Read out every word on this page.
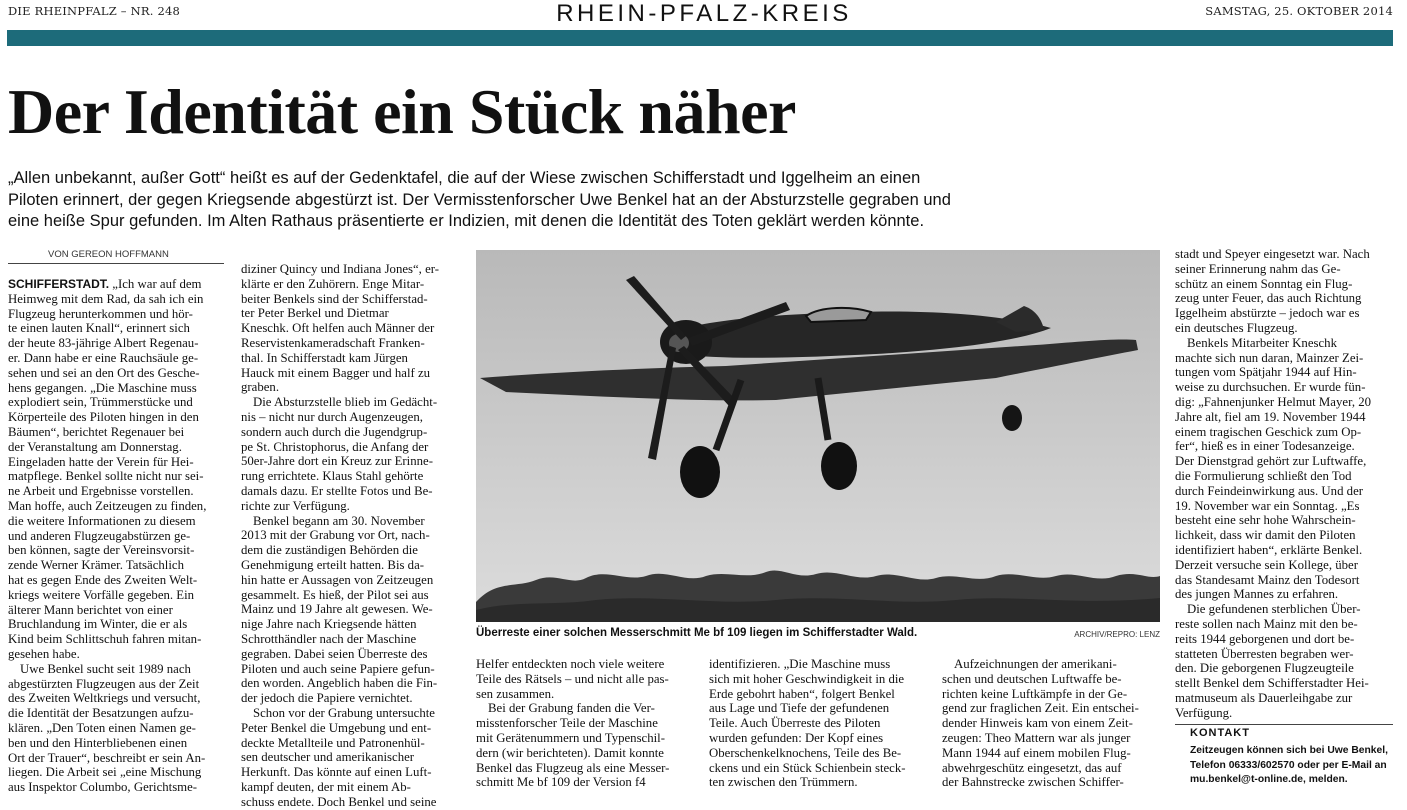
DIE RHEINPFALZ – NR. 248	RHEIN-PFALZ-KREIS	SAMSTAG, 25. OKTOBER 2014
Der Identität ein Stück näher
„Allen unbekannt, außer Gott“ heißt es auf der Gedenktafel, die auf der Wiese zwischen Schifferstadt und Iggelheim an einen
Piloten erinnert, der gegen Kriegsende abgestürzt ist. Der Vermisstenforscher Uwe Benkel hat an der Absturzstelle gegraben und
eine heiße Spur gefunden. Im Alten Rathaus präsentierte er Indizien, mit denen die Identität des Toten geklärt werden könnte.
VON GEREON HOFFMANN
SCHIFFERSTADT. „Ich war auf dem
Heimweg mit dem Rad, da sah ich ein
Flugzeug herunterkommen und hör-
te einen lauten Knall“, erinnert sich
der heute 83-jährige Albert Regenau-
er. Dann habe er eine Rauchsäule ge-
sehen und sei an den Ort des Gesche-
hens gegangen. „Die Maschine muss
explodiert sein, Trümmerstücke und
Körperteile des Piloten hingen in den
Bäumen“, berichtet Regenauer bei
der Veranstaltung am Donnerstag.
Eingeladen hatte der Verein für Hei-
matpflege. Benkel sollte nicht nur sei-
ne Arbeit und Ergebnisse vorstellen.
Man hoffe, auch Zeitzeugen zu finden,
die weitere Informationen zu diesem
und anderen Flugzeugabstürzen ge-
ben können, sagte der Vereinsvorsit-
zende Werner Krämer. Tatsächlich
hat es gegen Ende des Zweiten Welt-
kriegs weitere Vorfälle gegeben. Ein
älterer Mann berichtet von einer
Bruchlandung im Winter, die er als
Kind beim Schlittschuh fahren mitan-
gesehen habe.
Uwe Benkel sucht seit 1989 nach
abgestürzten Flugzeugen aus der Zeit
des Zweiten Weltkriegs und versucht,
die Identität der Besatzungen aufzu-
klären. „Den Toten einen Namen ge-
ben und den Hinterbliebenen einen
Ort der Trauer“, beschreibt er sein An-
liegen. Die Arbeit sei „eine Mischung
aus Inspektor Columbo, Gerichtsme-
diziner Quincy und Indiana Jones“, er-
klärte er den Zuhörern. Enge Mitar-
beiter Benkels sind der Schifferstad-
ter Peter Berkel und Dietmar
Kneschk. Oft helfen auch Männer der
Reservistenkameradschaft Franken-
thal. In Schifferstadt kam Jürgen
Hauck mit einem Bagger und half zu
graben.
Die Absturzstelle blieb im Gedächt-
nis – nicht nur durch Augenzeugen,
sondern auch durch die Jugendgrup-
pe St. Christophorus, die Anfang der
50er-Jahre dort ein Kreuz zur Erinne-
rung errichtete. Klaus Stahl gehörte
damals dazu. Er stellte Fotos und Be-
richte zur Verfügung.
Benkel begann am 30. November
2013 mit der Grabung vor Ort, nach-
dem die zuständigen Behörden die
Genehmigung erteilt hatten. Bis da-
hin hatte er Aussagen von Zeitzeugen
gesammelt. Es hieß, der Pilot sei aus
Mainz und 19 Jahre alt gewesen. We-
nige Jahre nach Kriegsende hätten
Schrotthändler nach der Maschine
gegraben. Dabei seien Überreste des
Piloten und auch seine Papiere gefun-
den worden. Angeblich haben die Fin-
der jedoch die Papiere vernichtet.
Schon vor der Grabung untersuchte
Peter Benkel die Umgebung und ent-
deckte Metallteile und Patronenhül-
sen deutscher und amerikanischer
Herkunft. Das könnte auf einen Luft-
kampf deuten, der mit einem Ab-
schuss endete. Doch Benkel und seine
Helfer entdeckten noch viele weitere
Teile des Rätsels – und nicht alle pas-
sen zusammen.
Bei der Grabung fanden die Ver-
misstenforscher Teile der Maschine
mit Gerätenummern und Typenschil-
dern (wir berichteten). Damit konnte
Benkel das Flugzeug als eine Messer-
schmitt Me bf 109 der Version f4
identifizieren. „Die Maschine muss
sich mit hoher Geschwindigkeit in die
Erde gebohrt haben“, folgert Benkel
aus Lage und Tiefe der gefundenen
Teile. Auch Überreste des Piloten
wurden gefunden: Der Kopf eines
Oberschenkelknochens, Teile des Be-
ckens und ein Stück Schienbein steck-
ten zwischen den Trümmern.
Aufzeichnungen der amerikani-
schen und deutschen Luftwaffe be-
richten keine Luftkämpfe in der Ge-
gend zur fraglichen Zeit. Ein entschei-
dender Hinweis kam von einem Zeit-
zeugen: Theo Mattern war als junger
Mann 1944 auf einem mobilen Flug-
abwehrgeschütz eingesetzt, das auf
der Bahnstrecke zwischen Schiffer-
stadt und Speyer eingesetzt war. Nach
seiner Erinnerung nahm das Ge-
schütz an einem Sonntag ein Flug-
zeug unter Feuer, das auch Richtung
Iggelheim abstürzte – jedoch war es
ein deutsches Flugzeug.
Benkels Mitarbeiter Kneschk
machte sich nun daran, Mainzer Zei-
tungen vom Spätjahr 1944 auf Hin-
weise zu durchsuchen. Er wurde fün-
dig: „Fahnenjunker Helmut Mayer, 20
Jahre alt, fiel am 19. November 1944
einem tragischen Geschick zum Op-
fer“, hieß es in einer Todesanzeige.
Der Dienstgrad gehört zur Luftwaffe,
die Formulierung schließt den Tod
durch Feindeinwirkung aus. Und der
19. November war ein Sonntag. „Es
besteht eine sehr hohe Wahrschein-
lichkeit, dass wir damit den Piloten
identifiziert haben“, erklärte Benkel.
Derzeit versuche sein Kollege, über
das Standesamt Mainz den Todesort
des jungen Mannes zu erfahren.
Die gefundenen sterblichen Über-
reste sollen nach Mainz mit den be-
reits 1944 geborgenen und dort be-
statteten Überresten begraben wer-
den. Die geborgenen Flugzeugteile
stellt Benkel dem Schifferstadter Hei-
matmuseum als Dauerleihgabe zur
Verfügung.
Überreste einer solchen Messerschmitt Me bf 109 liegen im Schifferstadter Wald.	ARCHIV/REPRO: LENZ
KONTAKT
Zeitzeugen können sich bei Uwe Benkel,
Telefon 06333/602570 oder per E-Mail an
mu.benkel@t-online.de, melden.
